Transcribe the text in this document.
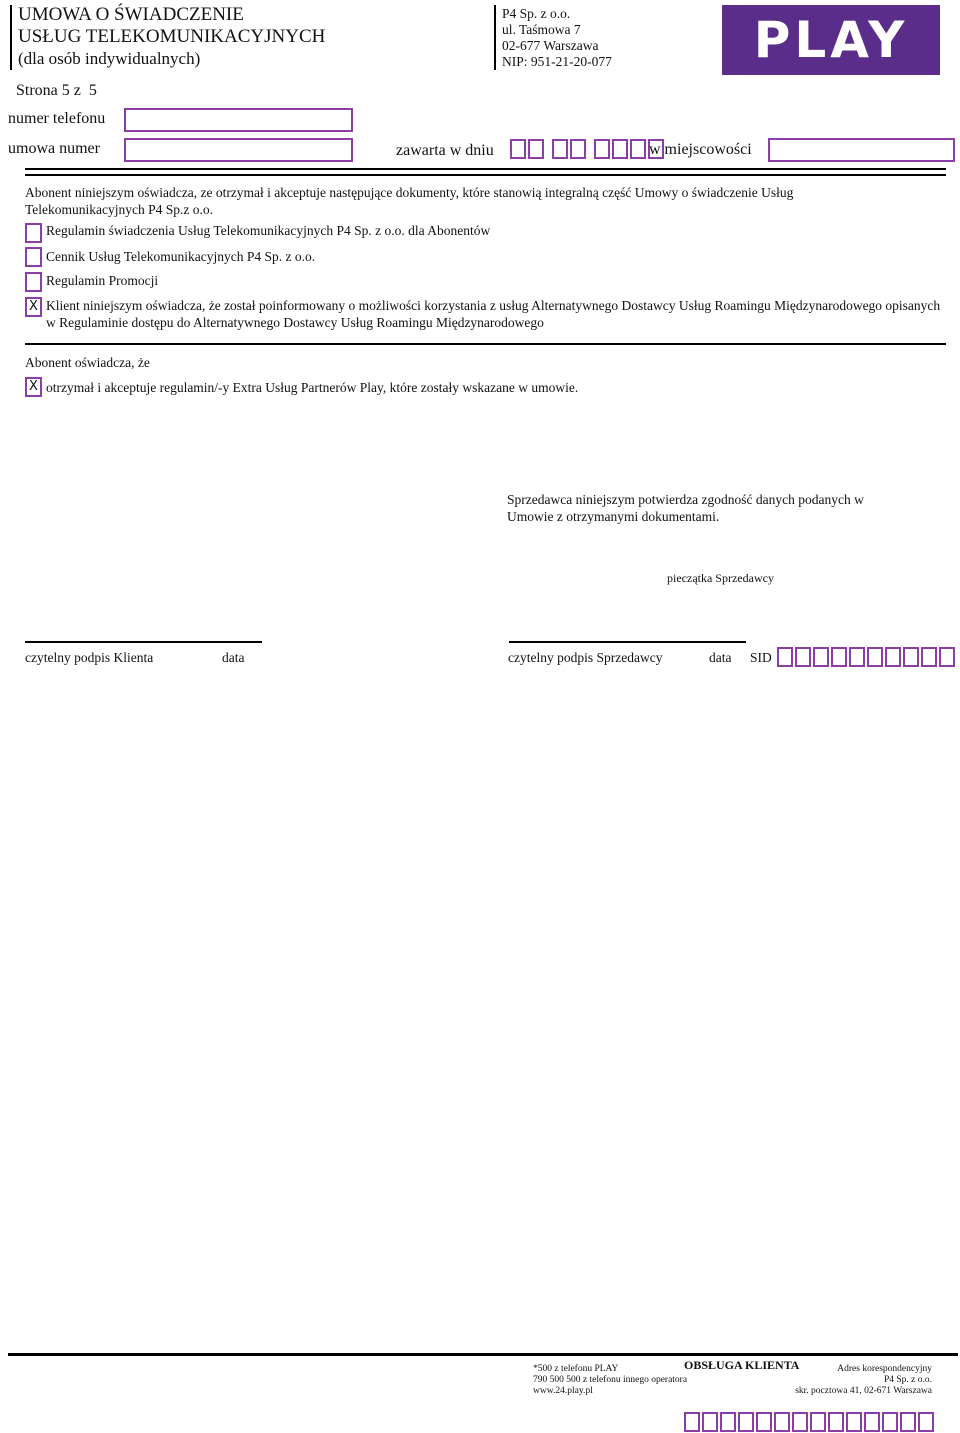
UMOWA O ŚWIADCZENIE
USŁUG TELEKOMUNIKACYJNYCH
(dla osób indywidualnych)
P4 Sp. z o.o.
ul. Taśmowa 7
02-677 Warszawa
NIP: 951-21-20-077	PLAY
Strona 5 z  5
numer telefonu
umowa numer	zawarta w dniu	w miejscowości
Abonent niniejszym oświadcza, ze otrzymał i akceptuje następujące dokumenty, które stanowią integralną część Umowy o świadczenie Usług Telekomunikacyjnych P4 Sp.z o.o.
Regulamin świadczenia Usług Telekomunikacyjnych P4 Sp. z o.o. dla Abonentów
Cennik Usług Telekomunikacyjnych P4 Sp. z o.o.
Regulamin Promocji
X Klient niniejszym oświadcza, że został poinformowany o możliwości korzystania z usług Alternatywnego Dostawcy Usług Roamingu Międzynarodowego opisanych w Regulaminie dostępu do Alternatywnego Dostawcy Usług Roamingu Międzynarodowego
Abonent oświadcza, że
X otrzymał i akceptuje regulamin/-y Extra Usług Partnerów Play, które zostały wskazane w umowie.
Sprzedawca niniejszym potwierdza zgodność danych podanych w Umowie z otrzymanymi dokumentami.
pieczątka Sprzedawcy
czytelny podpis Klienta	data	czytelny podpis Sprzedawcy	data SID
*500 z telefonu PLAY
790 500 500 z telefonu innego operatora
www.24.play.pl
OBSŁUGA KLIENTA	Adres korespondencyjny
P4 Sp. z o.o.
skr. pocztowa 41, 02-671 Warszawa
